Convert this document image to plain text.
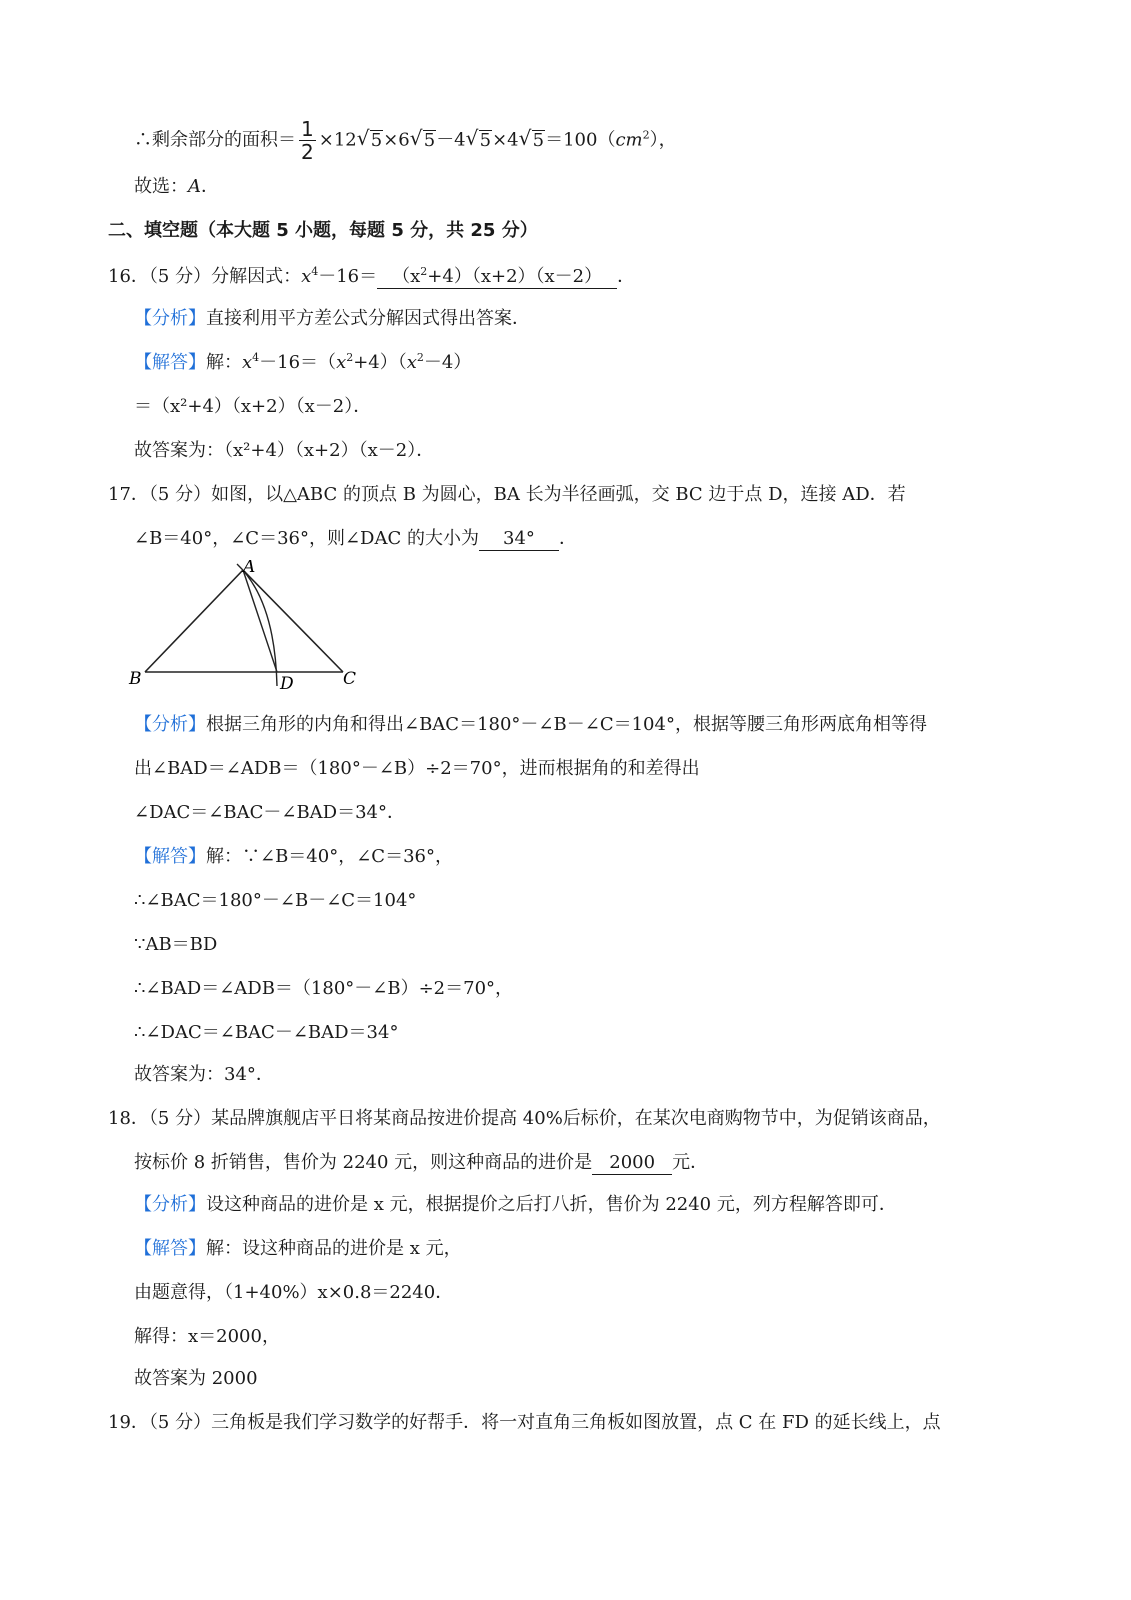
∴剩余部分的面积＝ $\frac{1}{2} \times 12√$ 5×6√ 5－4√ 5×4√ $5=100(cm^2)$，
故选：A．
二、填空题（本大题 5 小题，每题 5 分，共 25 分）
16．（5 分）分解因式：$x^4-16= (x^2+4)(x+2)(x-2)$ ．
【分析】直接利用平方差公式分解因式得出答案．
【解答】解：$x^4-16=(x^2+4)(x^2-4)$
＝（x²+4）（x+2）（x－2）．
故答案为：（x²+4）（x+2）（x－2）．
17．（5 分）如图，以△ABC 的顶点 B 为圆心，BA 长为半径画弧，交 BC 边于点 D，连接 AD．若
∠B＝40°，∠C＝36°，则∠DAC 的大小为 34° ．
A
B	C
D
【分析】根据三角形的内角和得出∠BAC＝180°－∠B－∠C＝104°，根据等腰三角形两底角相等得
出∠BAD＝∠ADB＝（180°－∠B）÷2＝70°，进而根据角的和差得出
∠DAC＝∠BAC－∠BAD＝34°．
【解答】解：∵∠B＝40°，∠C＝36°，
∴∠BAC＝180°－∠B－∠C＝104°
∵AB＝BD
∴∠BAD＝∠ADB＝（180°－∠B）÷2＝70°，
∴∠DAC＝∠BAC－∠BAD＝34°
故答案为：34°．
18．（5 分）某品牌旗舰店平日将某商品按进价提高 40%后标价，在某次电商购物节中，为促销该商品，
按标价 8 折销售，售价为 2240 元，则这种商品的进价是 2000 元．
【分析】设这种商品的进价是 x 元，根据提价之后打八折，售价为 2240 元，列方程解答即可．
【解答】解：设这种商品的进价是 x 元，
由题意得，（1+40%）x×0.8＝2240．
解得：x＝2000，
故答案为 2000
19．（5 分）三角板是我们学习数学的好帮手．将一对直角三角板如图放置，点 C 在 FD 的延长线上，点
